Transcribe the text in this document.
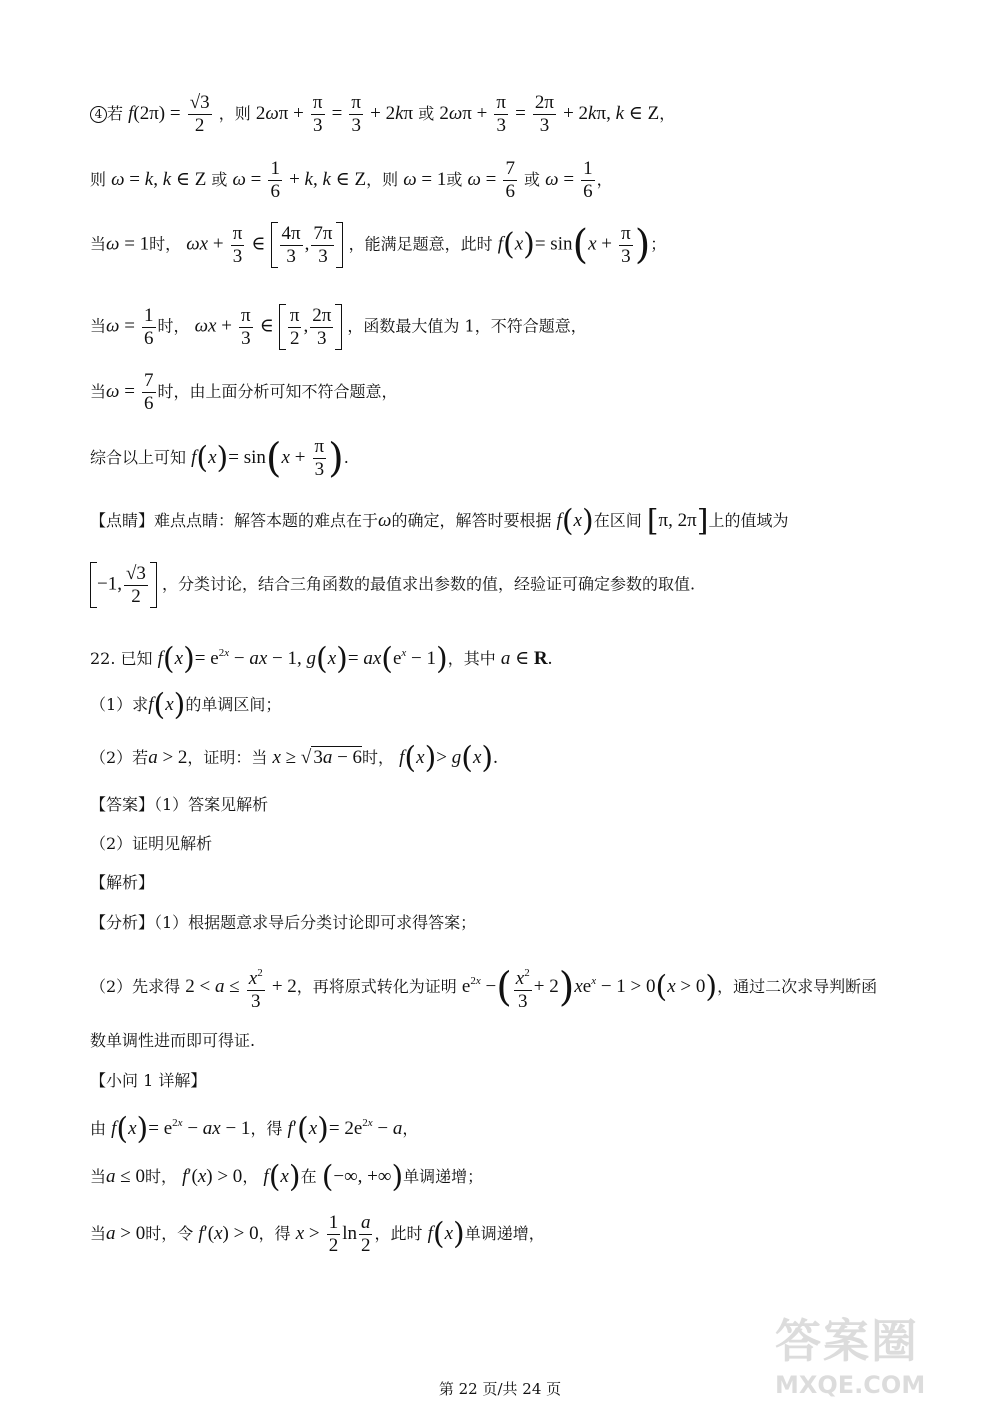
4 若 $f(2\pi) = \frac{√3}{2}$ ，则 $2\omega\pi + \frac{\pi}{3} = \frac{\pi}{3} + 2k\pi$ 或 $2\omega\pi + \frac{\pi}{3} = \frac{2\pi}{3} + 2k\pi$, k ∈ Z，
则 ω = k, k ∈ Z 或 $\omega = \frac{1}{6} + k$, k ∈ Z，则 ω = 1或 $\omega = \frac{7}{6}$ 或 $\omega = \frac{1}{6}$ ，
当ω = 1时， $\omega x + \frac{\pi}{3}$ ∈ $\frac{4\pi}{3}$ , $\frac{7\pi}{3}$ ，能满足题意，此时 $f(x)= \sin(x + \frac{\pi}{3}$ )；
当$\omega = \frac{1}{6}$ 时， $\omega x + \frac{\pi}{3}$ ∈ $\frac{\pi}{2}$ , $\frac{2\pi}{3}$ ，函数最大值为 1，不符合题意，
当$\omega = \frac{7}{6}$ 时，由上面分析可知不符合题意，
综合以上可知 $f(x)= \sin(x + \frac{\pi}{3}$ ).
【点睛】难点点睛：解答本题的难点在于ω的确定，解答时要根据 f(x)在区间 [π, 2π]上的值域为
−1, $\frac{√3}{2}$ ，分类讨论，结合三角函数的最值求出参数的值，经验证可确定参数的取值.
22. 已知 $f(x)= e^{2x}$ − ax − 1, $g(x)= ax(e^x - 1)$，其中 a ∈ R.
（1）求f(x)的单调区间；
（2）若a > 2，证明：当 x ≥ √ 3a − 6时， f(x)> g(x).
【答案】（1）答案见解析
（2）证明见解析
【解析】
【分析】（1）根据题意求导后分类讨论即可求得答案；
（2）先求得 $2 < a \le \frac{x^2}{3} + 2$，再将原式转化为证明 $e^{2x}$ −( $\frac{x^2}{3} + 2)xe^x - 1 > 0(x > 0)$，通过二次求导判断函
数单调性进而即可得证.
【小问 1 详解】
由 $f(x)= e^{2x}$ − ax − 1，得 $f'(x)= 2e^{2x} - a$，
当a ≤ 0时， f′(x) > 0， f(x)在 (−∞, +∞)单调递增；
当a > 0时，令 f′(x) > 0，得 $x > \frac{1}{2}$ $\ln \frac{a}{2}$ ，此时 f(x)单调递增，
答案圈
MXQE.COM
第 22 页/共 24 页
